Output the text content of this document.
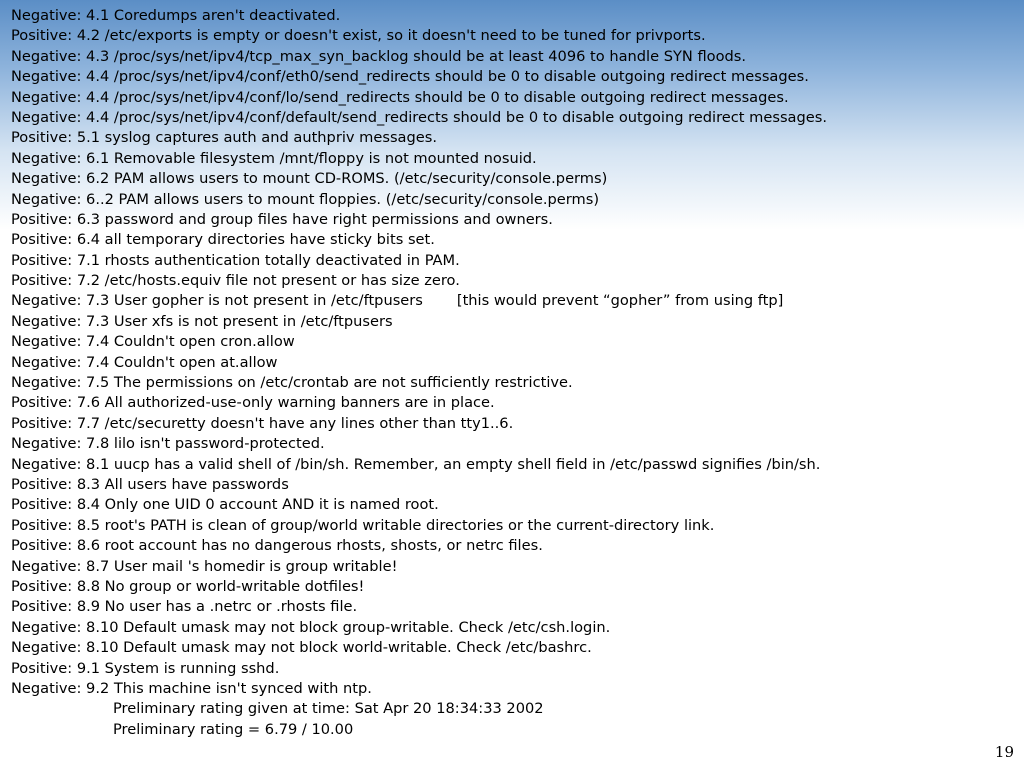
Negative: 4.1 Coredumps aren't deactivated.
Positive: 4.2 /etc/exports is empty or doesn't exist, so it doesn't need to be tuned for privports.
Negative: 4.3 /proc/sys/net/ipv4/tcp_max_syn_backlog should be at least 4096 to handle SYN floods.
Negative: 4.4 /proc/sys/net/ipv4/conf/eth0/send_redirects should be 0 to disable outgoing redirect messages.
Negative: 4.4 /proc/sys/net/ipv4/conf/lo/send_redirects should be 0 to disable outgoing redirect messages.
Negative: 4.4 /proc/sys/net/ipv4/conf/default/send_redirects should be 0 to disable outgoing redirect messages.
Positive: 5.1 syslog captures auth and authpriv messages.
Negative: 6.1 Removable filesystem /mnt/floppy is not mounted nosuid.
Negative: 6.2 PAM allows users to mount CD-ROMS. (/etc/security/console.perms)
Negative: 6..2 PAM allows users to mount floppies. (/etc/security/console.perms)
Positive: 6.3 password and group files have right permissions and owners.
Positive: 6.4 all temporary directories have sticky bits set.
Positive: 7.1 rhosts authentication totally deactivated in PAM.
Positive: 7.2 /etc/hosts.equiv file not present or has size zero.
Negative: 7.3 User gopher is not present in /etc/ftpusers [this would prevent “gopher” from using ftp]
Negative: 7.3 User xfs is not present in /etc/ftpusers
Negative: 7.4 Couldn't open cron.allow
Negative: 7.4 Couldn't open at.allow
Negative: 7.5 The permissions on /etc/crontab are not sufficiently restrictive.
Positive: 7.6 All authorized-use-only warning banners are in place.
Positive: 7.7 /etc/securetty doesn't have any lines other than tty1..6.
Negative: 7.8 lilo isn't password-protected.
Negative: 8.1 uucp has a valid shell of /bin/sh. Remember, an empty shell field in /etc/passwd signifies /bin/sh.
Positive: 8.3 All users have passwords
Positive: 8.4 Only one UID 0 account AND it is named root.
Positive: 8.5 root's PATH is clean of group/world writable directories or the current-directory link.
Positive: 8.6 root account has no dangerous rhosts, shosts, or netrc files.
Negative: 8.7 User mail 's homedir is group writable!
Positive: 8.8 No group or world-writable dotfiles!
Positive: 8.9 No user has a .netrc or .rhosts file.
Negative: 8.10 Default umask may not block group-writable. Check /etc/csh.login.
Negative: 8.10 Default umask may not block world-writable. Check /etc/bashrc.
Positive: 9.1 System is running sshd.
Negative: 9.2 This machine isn't synced with ntp.
Preliminary rating given at time: Sat Apr 20 18:34:33 2002
Preliminary rating = 6.79 / 10.00
19
